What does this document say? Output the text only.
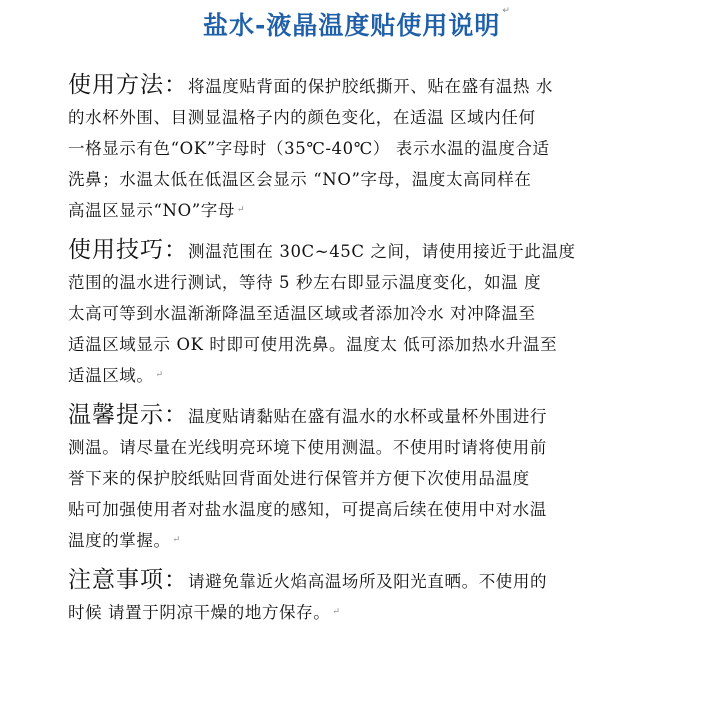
盐水-液晶温度贴使用说明 ↵
使用方法：将温度贴背面的保护胶纸撕开、贴在盛有温热 水
的水杯外围、目测显温格子内的颜色变化，在适温 区域内任何
一格显示有色“OK”字母时（35℃-40℃） 表示水温的温度合适
洗鼻；水温太低在低温区会显示 “NO”字母，温度太高同样在
高温区显示“NO”字母 ↵
使用技巧：测温范围在 30C~45C 之间，请使用接近于此温度
范围的温水进行测试，等待 5 秒左右即显示温度变化，如温 度
太高可等到水温渐渐降温至适温区域或者添加冷水 对冲降温至
适温区域显示 OK 时即可使用洗鼻。温度太 低可添加热水升温至
适温区域。 ↵
温馨提示：温度贴请黏贴在盛有温水的水杯或量杯外围进行
测温。请尽量在光线明亮环境下使用测温。不使用时请将使用前
誉下来的保护胶纸贴回背面处进行保管并方便下次使用品温度
贴可加强使用者对盐水温度的感知，可提高后续在使用中对水温
温度的掌握。 ↵
注意事项：请避免靠近火焰高温场所及阳光直晒。不使用的
时候 请置于阴凉干燥的地方保存。 ↵
